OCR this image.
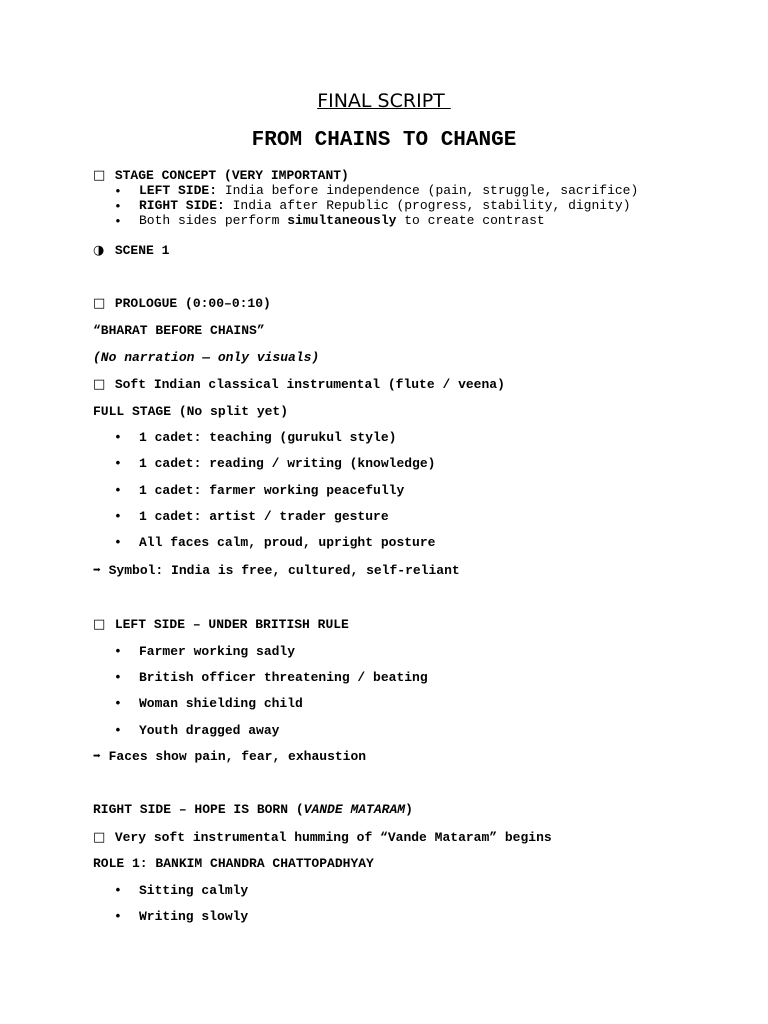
FINAL SCRIPT
FROM CHAINS TO CHANGE
□ STAGE CONCEPT (VERY IMPORTANT)
• LEFT SIDE: India before independence (pain, struggle, sacrifice)
• RIGHT SIDE: India after Republic (progress, stability, dignity)
• Both sides perform simultaneously to create contrast
◑ SCENE 1
□ PROLOGUE (0:00–0:10)
“BHARAT BEFORE CHAINS”
(No narration — only visuals)
□ Soft Indian classical instrumental (flute / veena)
FULL STAGE (No split yet)
• 1 cadet: teaching (gurukul style)
• 1 cadet: reading / writing (knowledge)
• 1 cadet: farmer working peacefully
• 1 cadet: artist / trader gesture
• All faces calm, proud, upright posture
➡ Symbol: India is free, cultured, self-reliant
□ LEFT SIDE – UNDER BRITISH RULE
• Farmer working sadly
• British officer threatening / beating
• Woman shielding child
• Youth dragged away
➡ Faces show pain, fear, exhaustion
RIGHT SIDE – HOPE IS BORN (VANDE MATARAM)
□ Very soft instrumental humming of “Vande Mataram” begins
ROLE 1: BANKIM CHANDRA CHATTOPADHYAY
• Sitting calmly
• Writing slowly
